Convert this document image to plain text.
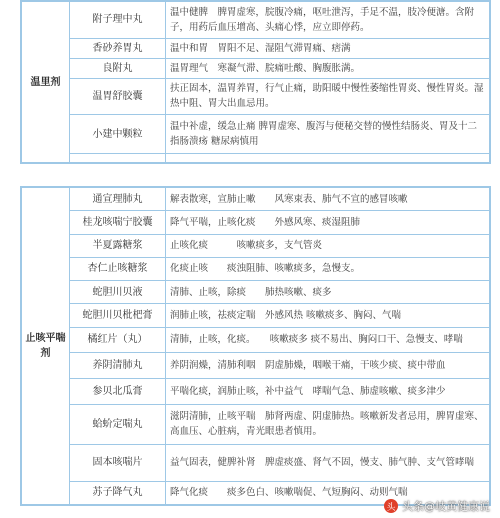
温里剂	附子理中丸	温中健脾　脾胃虚寒，脘腹冷痛，呕吐泄泻，手足不温，肢冷便溏。含附子，用药后血压增高、头痛心悸，应立即停药。
	香砂养胃丸	温中和胃　胃阳不足、湿阻气滞胃痛、痞满
	良附丸	温胃理气　寒凝气滞、脘痛吐酸、胸腹胀满。
	温胃舒胶囊	扶正固本，温胃养胃，行气止痛，助阳暖中慢性萎缩性胃炎、慢性胃炎。湿热中阻、胃大出血忌用。
	小建中颗粒	温中补虚，缓急止痛 脾胃虚寒、腹泻与便秘交替的慢性结肠炎、胃及十二指肠溃疡 糖尿病慎用

止咳平喘剂	通宣理肺丸	解表散寒，宣肺止嗽　　风寒束表、肺气不宣的感冒咳嗽
	桂龙咳喘宁胶囊	降气平喘，止咳化痰　　外感风寒、痰湿阻肺
	半夏露糖浆	止咳化痰　　　咳嗽痰多，支气管炎
	杏仁止咳糖浆	化痰止咳　　痰浊阻肺、咳嗽痰多，急慢支。
	蛇胆川贝液	清肺、止咳，除痰　　肺热咳嗽、痰多
	蛇胆川贝枇杷膏	润肺止咳，祛痰定喘　外感风热 咳嗽痰多、胸闷、气喘
	橘红片（丸）	清肺，止咳，化痰。　　咳嗽痰多 痰不易出、胸闷口干、急慢支、哮喘
	养阴清肺丸	养阴润燥，清肺利咽　阴虚肺燥，咽喉干痛，干咳少痰、痰中带血
	参贝北瓜膏	平喘化痰，润肺止咳，补中益气　哮喘气急、肺虚咳嗽、痰多津少
	蛤蚧定喘丸	滋阴清肺，止咳平喘　肺肾两虚、阴虚肺热。咳嗽新发者忌用，脾胃虚寒、高血压、心脏病，青光眼患者慎用。
	固本咳喘片	益气固表，健脾补肾　脾虚痰盛、肾气不固，慢支、肺气肿、支气管哮喘
	苏子降气丸	降气化痰　　痰多色白、咳嗽喘促、气短胸闷、动则气喘
头 头条@岐黄健康说
